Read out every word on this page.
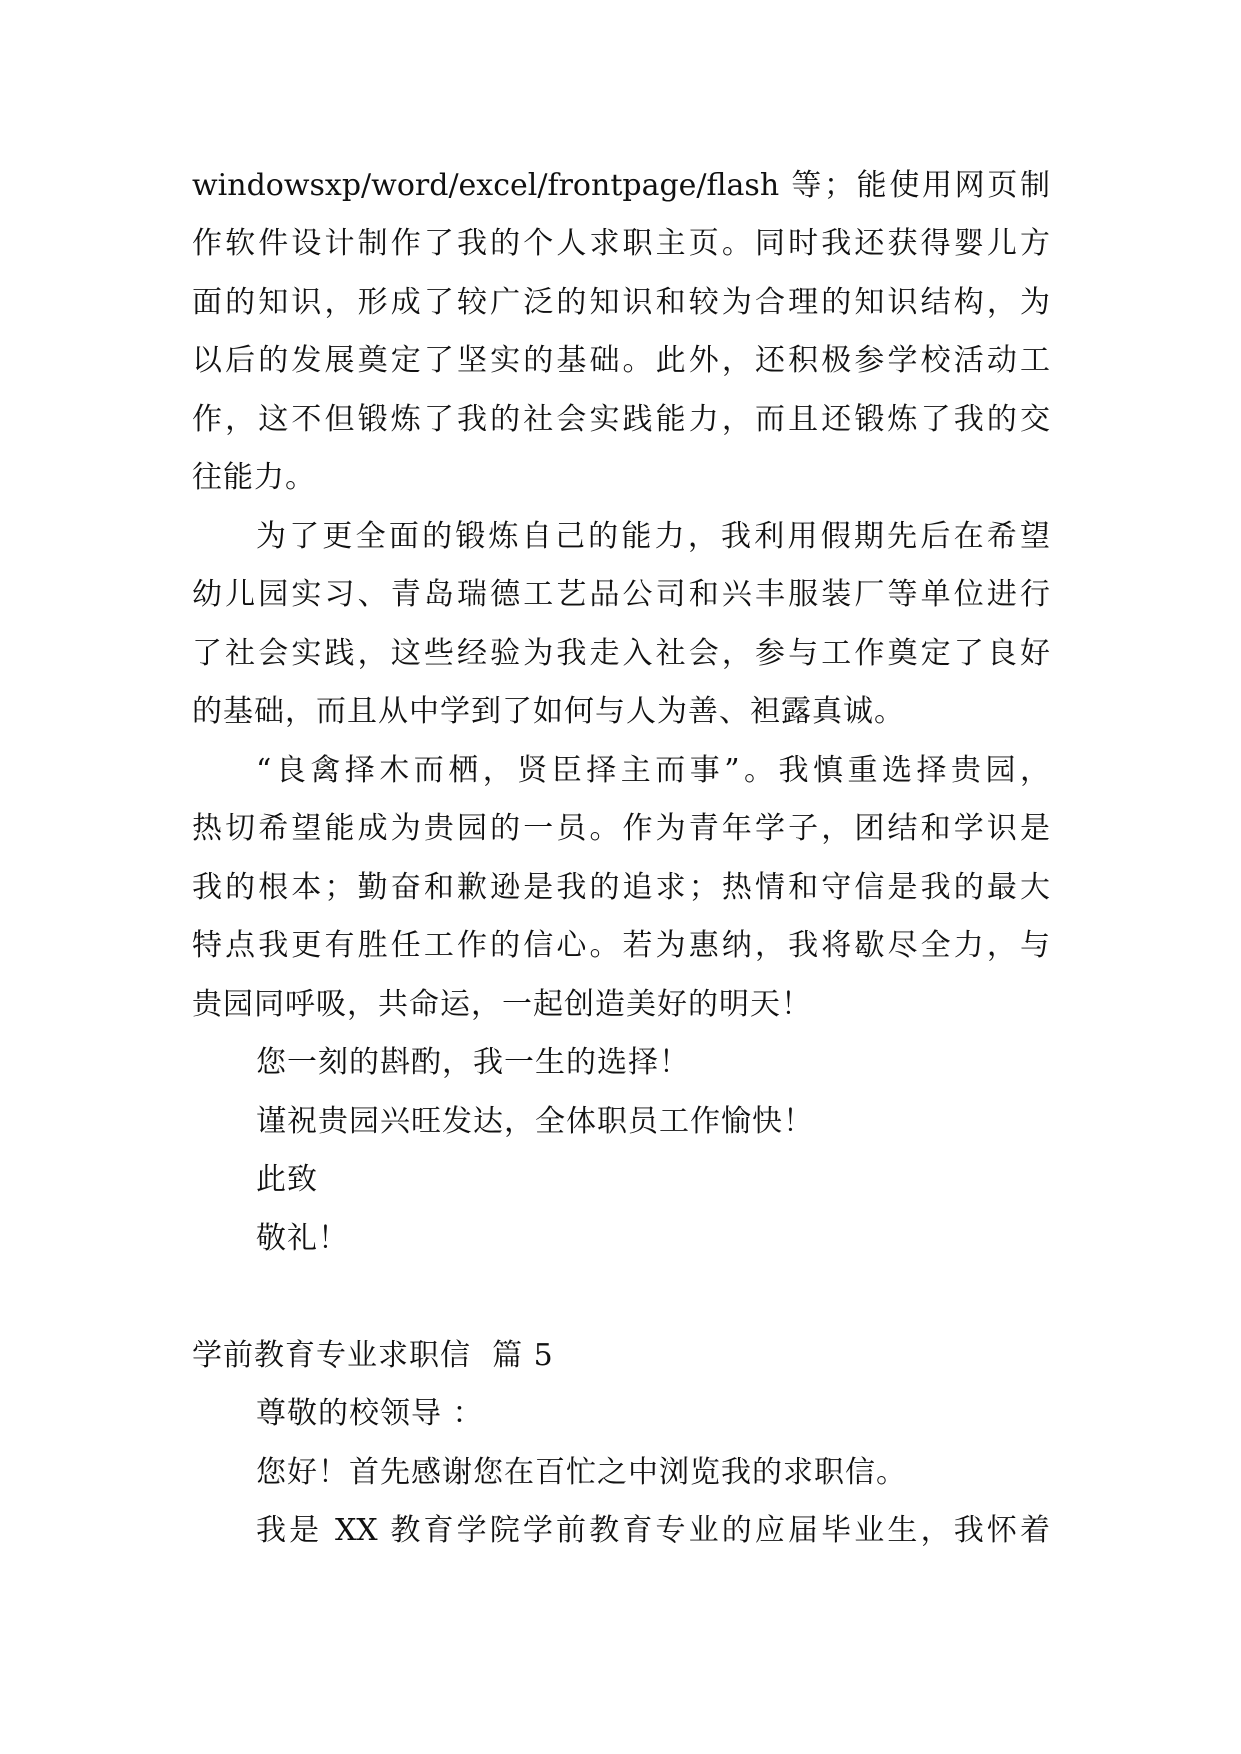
windowsxp/word/excel/frontpage/flash 等；能使用网页制
作软件设计制作了我的个人求职主页。同时我还获得婴儿方
面的知识，形成了较广泛的知识和较为合理的知识结构，为
以后的发展奠定了坚实的基础。此外，还积极参学校活动工
作，这不但锻炼了我的社会实践能力，而且还锻炼了我的交
往能力。
为了更全面的锻炼自己的能力，我利用假期先后在希望
幼儿园实习、青岛瑞德工艺品公司和兴丰服装厂等单位进行
了社会实践，这些经验为我走入社会，参与工作奠定了良好
的基础，而且从中学到了如何与人为善、袒露真诚。
“良禽择木而栖，贤臣择主而事”。我慎重选择贵园，
热切希望能成为贵园的一员。作为青年学子，团结和学识是
我的根本；勤奋和歉逊是我的追求；热情和守信是我的最大
特点我更有胜任工作的信心。若为惠纳，我将歇尽全力，与
贵园同呼吸，共命运，一起创造美好的明天！
您一刻的斟酌，我一生的选择！
谨祝贵园兴旺发达，全体职员工作愉快！
此致
敬礼！
学前教育专业求职信  篇 5
尊敬的校领导 ：
您好！首先感谢您在百忙之中浏览我的求职信。
我是 XX 教育学院学前教育专业的应届毕业生，我怀着
